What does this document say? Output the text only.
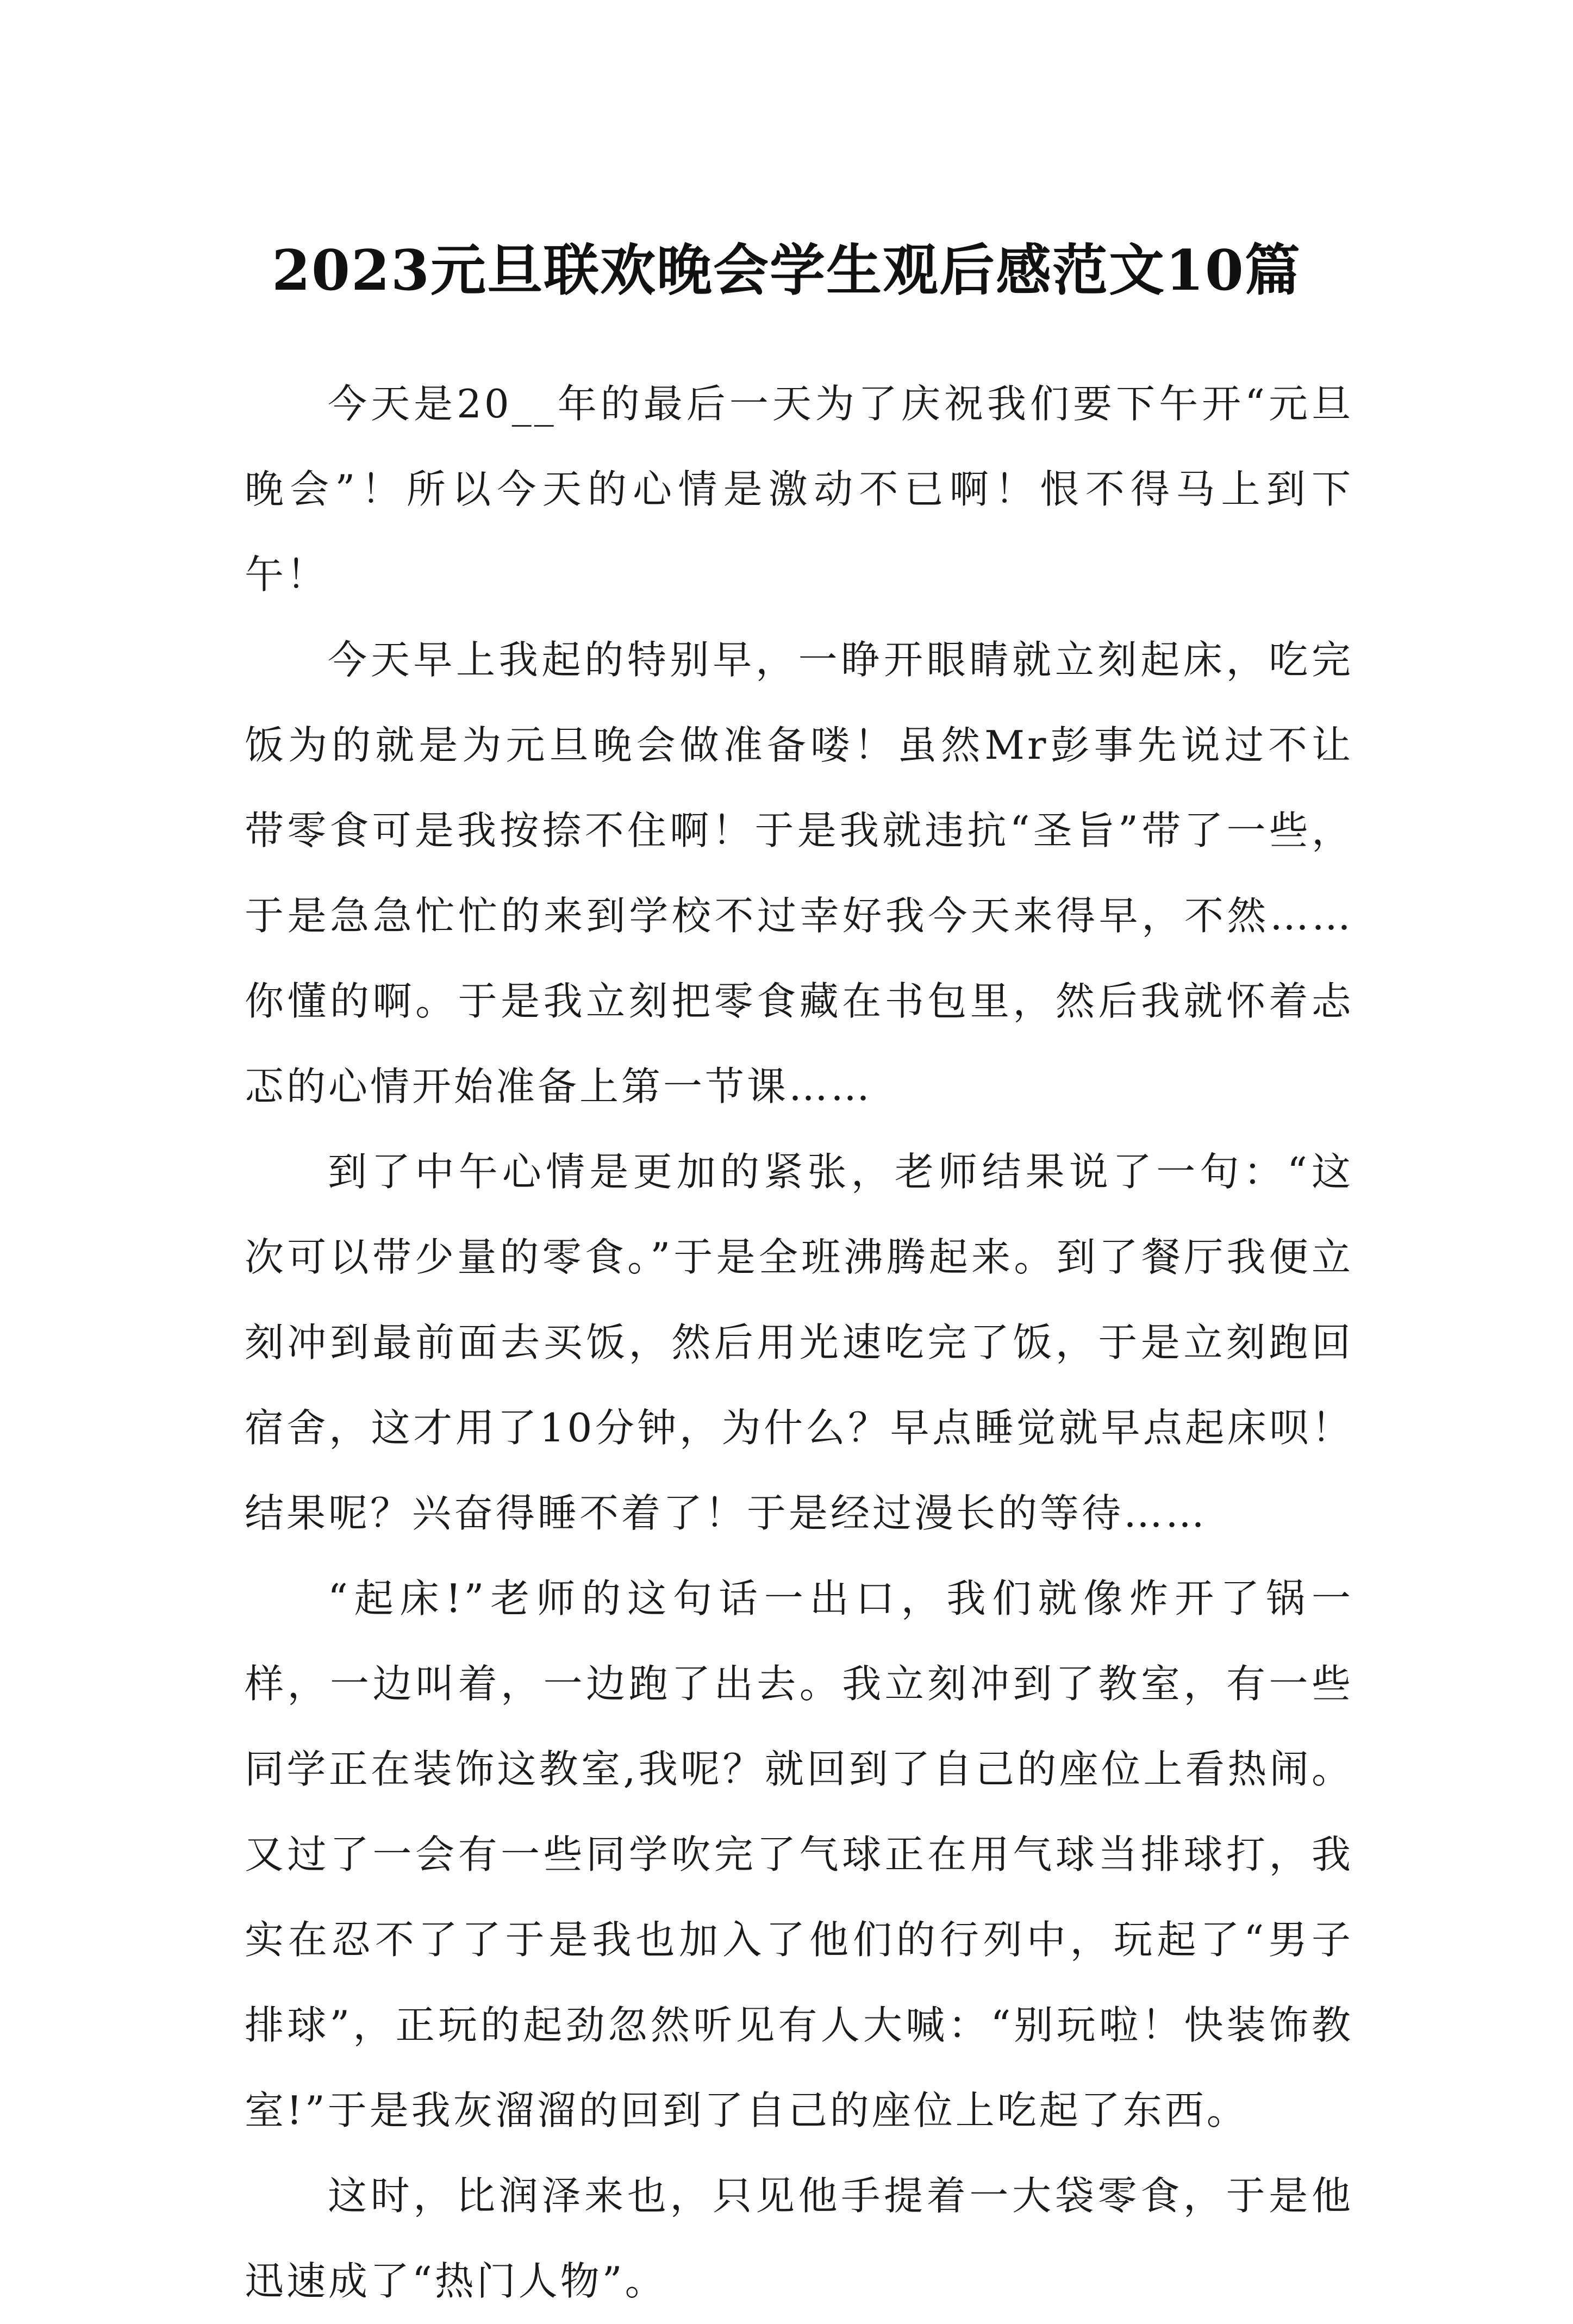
2023元旦联欢晚会学生观后感范文10篇

今天是20__年的最后一天为了庆祝我们要下午开“元旦晚会”！所以今天的心情是激动不已啊！恨不得马上到下午！

今天早上我起的特别早，一睁开眼睛就立刻起床，吃完饭为的就是为元旦晚会做准备喽！虽然Mr彭事先说过不让带零食可是我按捺不住啊！于是我就违抗“圣旨”带了一些，于是急急忙忙的来到学校不过幸好我今天来得早，不然……你懂的啊。于是我立刻把零食藏在书包里，然后我就怀着忐忑的心情开始准备上第一节课……

到了中午心情是更加的紧张，老师结果说了一句：“这次可以带少量的零食。”于是全班沸腾起来。到了餐厅我便立刻冲到最前面去买饭，然后用光速吃完了饭，于是立刻跑回宿舍，这才用了10分钟，为什么？早点睡觉就早点起床呗！结果呢？兴奋得睡不着了！于是经过漫长的等待……

“起床!”老师的这句话一出口，我们就像炸开了锅一样，一边叫着，一边跑了出去。我立刻冲到了教室，有一些同学正在装饰这教室,我呢？就回到了自己的座位上看热闹。又过了一会有一些同学吹完了气球正在用气球当排球打，我实在忍不了了于是我也加入了他们的行列中，玩起了“男子排球”，正玩的起劲忽然听见有人大喊：“别玩啦！快装饰教室!”于是我灰溜溜的回到了自己的座位上吃起了东西。

这时，比润泽来也，只见他手提着一大袋零食，于是他迅速成了“热门人物”。
